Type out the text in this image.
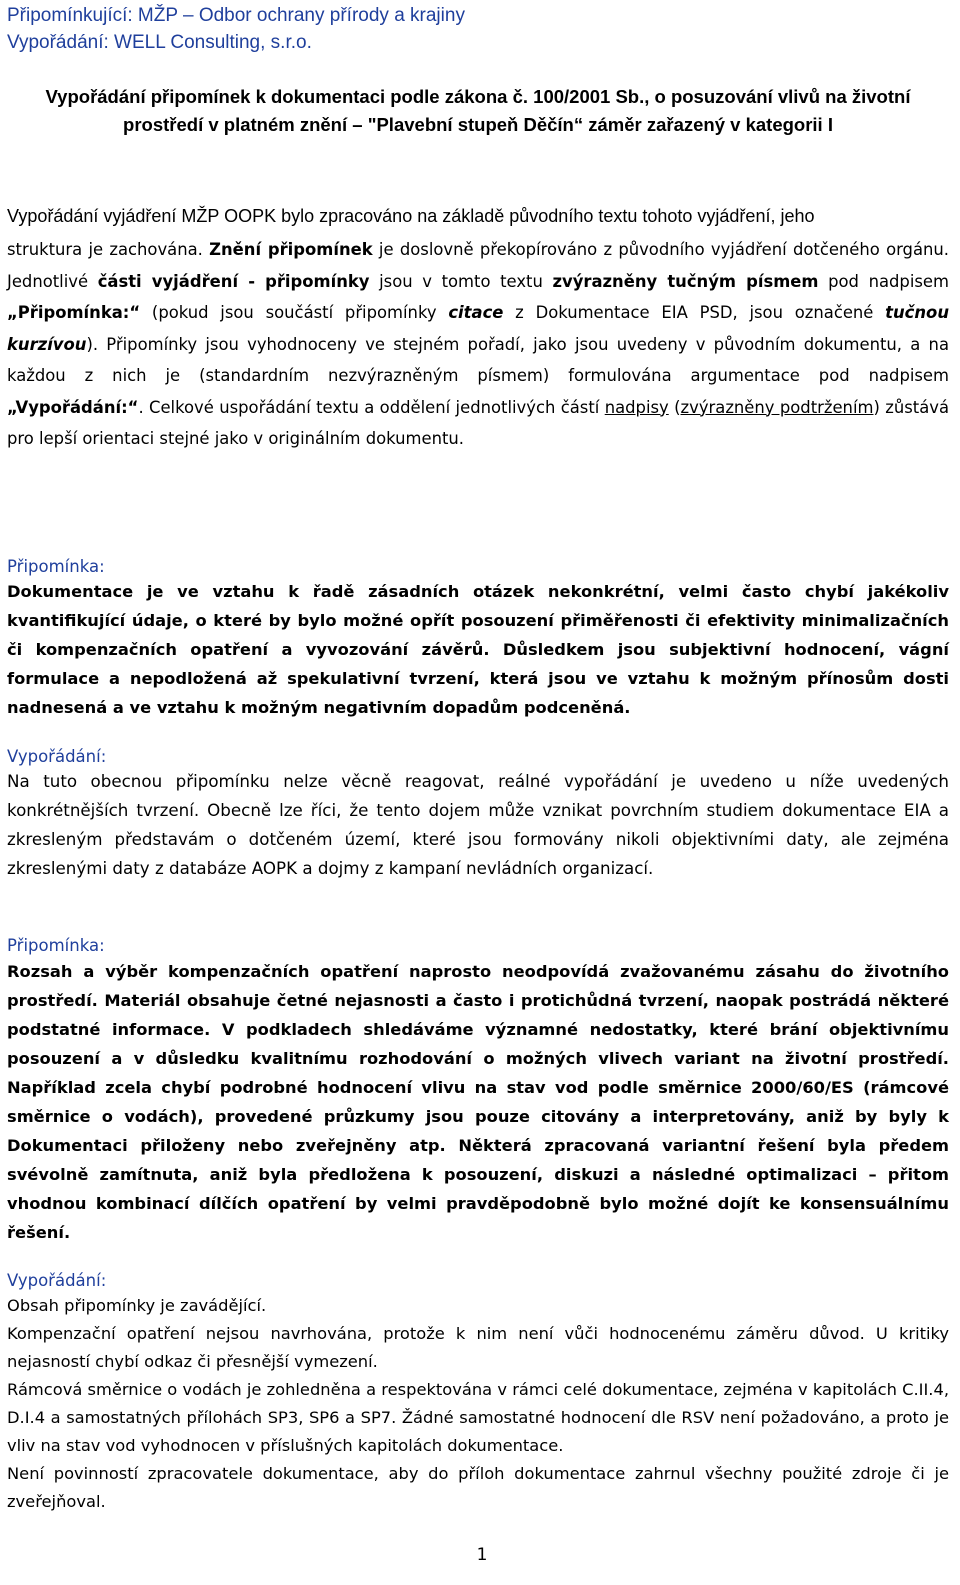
Připomínkující: MŽP – Odbor ochrany přírody a krajiny

Vypořádání: WELL Consulting, s.r.o.

Vypořádání připomínek k dokumentaci podle zákona č. 100/2001 Sb., o posuzování vlivů na životní
prostředí v platném znění – "Plavební stupeň Děčín“ záměr zařazený v kategorii I

Vypořádání vyjádření MŽP OOPK bylo zpracováno na základě původního textu tohoto vyjádření, jeho

struktura je zachována. Znění připomínek je doslovně překopírováno z původního vyjádření dotčeného orgánu. Jednotlivé části vyjádření - připomínky jsou v tomto textu zvýrazněny tučným písmem pod nadpisem „Připomínka:“ (pokud jsou součástí připomínky citace z Dokumentace EIA PSD, jsou označené tučnou kurzívou). Připomínky jsou vyhodnoceny ve stejném pořadí, jako jsou uvedeny v původním dokumentu, a na každou z nich je (standardním nezvýrazněným písmem) formulována argumentace pod nadpisem „Vypořádání:“. Celkové uspořádání textu a oddělení jednotlivých částí nadpisy (zvýrazněny podtržením) zůstává pro lepší orientaci stejné jako v originálním dokumentu.

Připomínka:

Dokumentace je ve vztahu k řadě zásadních otázek nekonkrétní, velmi často chybí jakékoliv kvantifikující údaje, o které by bylo možné opřít posouzení přiměřenosti či efektivity minimalizačních či kompenzačních opatření a vyvozování závěrů. Důsledkem jsou subjektivní hodnocení, vágní formulace a nepodložená až spekulativní tvrzení, která jsou ve vztahu k možným přínosům dosti nadnesená a ve vztahu k možným negativním dopadům podceněná.

Vypořádání:

Na tuto obecnou připomínku nelze věcně reagovat, reálné vypořádání je uvedeno u níže uvedených konkrétnějších tvrzení. Obecně lze říci, že tento dojem může vznikat povrchním studiem dokumentace EIA a zkresleným představám o dotčeném území, které jsou formovány nikoli objektivními daty, ale zejména zkreslenými daty z databáze AOPK a dojmy z kampaní nevládních organizací.

Připomínka:

Rozsah a výběr kompenzačních opatření naprosto neodpovídá zvažovanému zásahu do životního prostředí. Materiál obsahuje četné nejasnosti a často i protichůdná tvrzení, naopak postrádá některé podstatné informace. V podkladech shledáváme významné nedostatky, které brání objektivnímu posouzení a v důsledku kvalitnímu rozhodování o možných vlivech variant na životní prostředí. Například zcela chybí podrobné hodnocení vlivu na stav vod podle směrnice 2000/60/ES (rámcové směrnice o vodách), provedené průzkumy jsou pouze citovány a interpretovány, aniž by byly k Dokumentaci přiloženy nebo zveřejněny atp. Některá zpracovaná variantní řešení byla předem svévolně zamítnuta, aniž byla předložena k posouzení, diskuzi a následné optimalizaci – přitom vhodnou kombinací dílčích opatření by velmi pravděpodobně bylo možné dojít ke konsensuálnímu řešení.

Vypořádání:

Obsah připomínky je zavádějící.
Kompenzační opatření nejsou navrhována, protože k nim není vůči hodnocenému záměru důvod. U kritiky nejasností chybí odkaz či přesnější vymezení.
Rámcová směrnice o vodách je zohledněna a respektována v rámci celé dokumentace, zejména v kapitolách C.II.4, D.I.4 a samostatných přílohách SP3, SP6 a SP7. Žádné samostatné hodnocení dle RSV není požadováno, a proto je vliv na stav vod vyhodnocen v příslušných kapitolách dokumentace.
Není povinností zpracovatele dokumentace, aby do příloh dokumentace zahrnul všechny použité zdroje či je zveřejňoval.
1
